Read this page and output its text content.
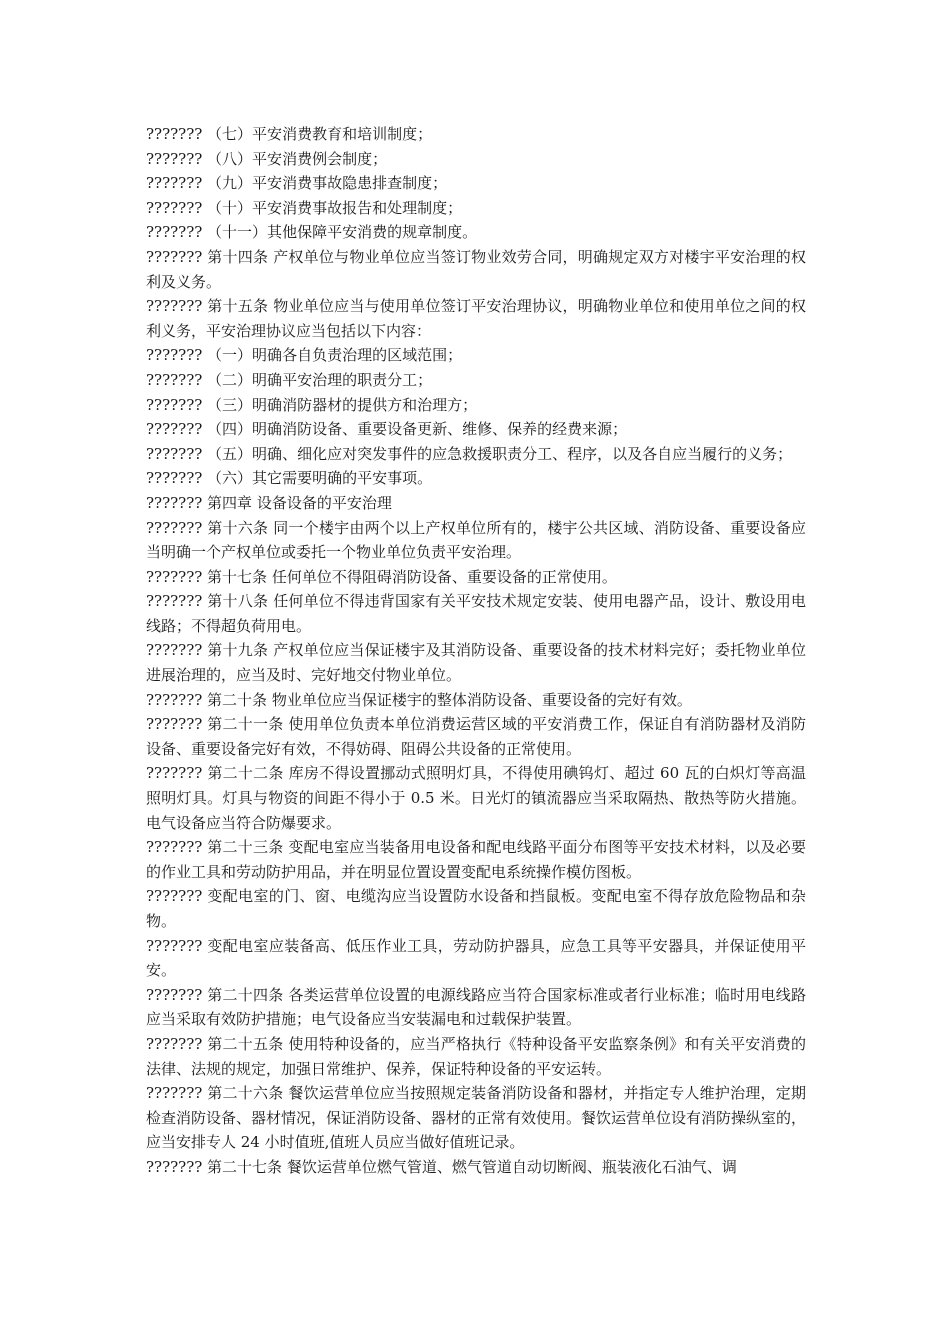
??????? （七）平安消费教育和培训制度；

??????? （八）平安消费例会制度；

??????? （九）平安消费事故隐患排查制度；

??????? （十）平安消费事故报告和处理制度；

??????? （十一）其他保障平安消费的规章制度。

??????? 第十四条 产权单位与物业单位应当签订物业效劳合同，明确规定双方对楼宇平安治理的权利及义务。

??????? 第十五条 物业单位应当与使用单位签订平安治理协议，明确物业单位和使用单位之间的权利义务，平安治理协议应当包括以下内容：

??????? （一）明确各自负责治理的区域范围；

??????? （二）明确平安治理的职责分工；

??????? （三）明确消防器材的提供方和治理方；

??????? （四）明确消防设备、重要设备更新、维修、保养的经费来源；

??????? （五）明确、细化应对突发事件的应急救援职责分工、程序，以及各自应当履行的义务；

??????? （六）其它需要明确的平安事项。

??????? 第四章 设备设备的平安治理

??????? 第十六条 同一个楼宇由两个以上产权单位所有的，楼宇公共区域、消防设备、重要设备应当明确一个产权单位或委托一个物业单位负责平安治理。

??????? 第十七条 任何单位不得阻碍消防设备、重要设备的正常使用。

??????? 第十八条 任何单位不得违背国家有关平安技术规定安装、使用电器产品，设计、敷设用电线路；不得超负荷用电。

??????? 第十九条 产权单位应当保证楼宇及其消防设备、重要设备的技术材料完好；委托物业单位进展治理的，应当及时、完好地交付物业单位。

??????? 第二十条 物业单位应当保证楼宇的整体消防设备、重要设备的完好有效。

??????? 第二十一条 使用单位负责本单位消费运营区域的平安消费工作，保证自有消防器材及消防设备、重要设备完好有效，不得妨碍、阻碍公共设备的正常使用。

??????? 第二十二条 库房不得设置挪动式照明灯具，不得使用碘钨灯、超过 60 瓦的白炽灯等高温照明灯具。灯具与物资的间距不得小于 0.5 米。日光灯的镇流器应当采取隔热、散热等防火措施。电气设备应当符合防爆要求。

??????? 第二十三条 变配电室应当装备用电设备和配电线路平面分布图等平安技术材料，以及必要的作业工具和劳动防护用品，并在明显位置设置变配电系统操作模仿图板。

??????? 变配电室的门、窗、电缆沟应当设置防水设备和挡鼠板。变配电室不得存放危险物品和杂物。

??????? 变配电室应装备高、低压作业工具，劳动防护器具，应急工具等平安器具，并保证使用平安。

??????? 第二十四条 各类运营单位设置的电源线路应当符合国家标准或者行业标准；临时用电线路应当采取有效防护措施；电气设备应当安装漏电和过载保护装置。

??????? 第二十五条 使用特种设备的，应当严格执行《特种设备平安监察条例》和有关平安消费的法律、法规的规定，加强日常维护、保养，保证特种设备的平安运转。

??????? 第二十六条 餐饮运营单位应当按照规定装备消防设备和器材，并指定专人维护治理，定期检查消防设备、器材情况，保证消防设备、器材的正常有效使用。餐饮运营单位设有消防操纵室的，应当安排专人 24 小时值班,值班人员应当做好值班记录。

??????? 第二十七条 餐饮运营单位燃气管道、燃气管道自动切断阀、瓶装液化石油气、调
